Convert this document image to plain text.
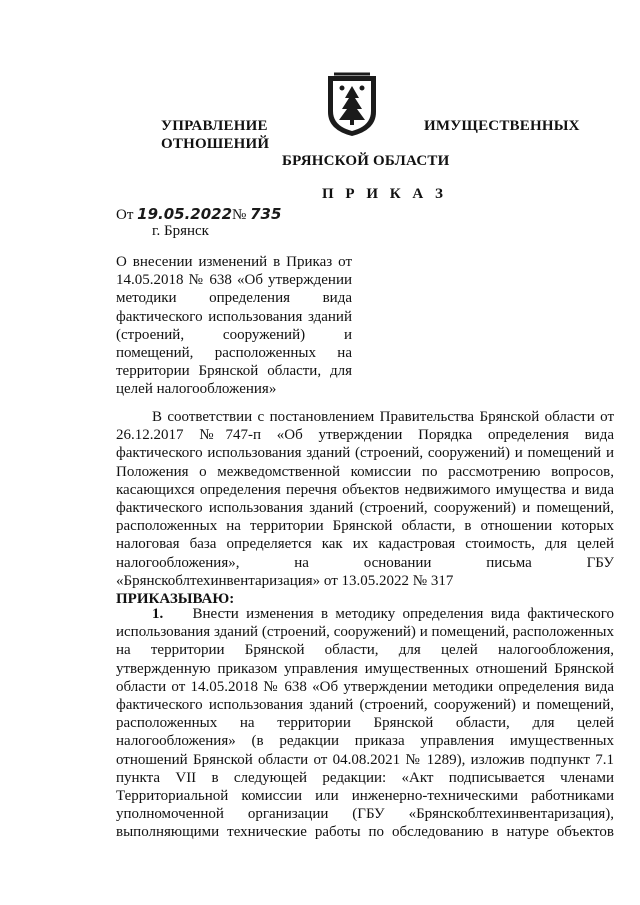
УПРАВЛЕНИЕ	ИМУЩЕСТВЕННЫХ
ОТНОШЕНИЙ
БРЯНСКОЙ ОБЛАСТИ
П Р И К А З
От 19.05.2022№ 735
г. Брянск
О внесении изменений в Приказ от
14.05.2018 № 638 «Об утверждении
методики определения вида
фактического использования зданий
(строений, сооружений) и
помещений, расположенных на
территории Брянской области, для
целей налогообложения»
В соответствии с постановлением Правительства Брянской области от
26.12.2017 №747-п «Об утверждении Порядка определения вида
фактического использования зданий (строений, сооружений) и помещений и
Положения о межведомственной комиссии по рассмотрению вопросов,
касающихся определения перечня объектов недвижимого имущества и вида
фактического использования зданий (строений, сооружений) и помещений,
расположенных на территории Брянской области, в отношении которых
налоговая база определяется как их кадастровая стоимость, для целей
налогообложения», на основании письма ГБУ
«Брянскоблтехинвентаризация» от 13.05.2022 № 317
ПРИКАЗЫВАЮ:
1. Внести изменения в методику определения вида фактического
использования зданий (строений, сооружений) и помещений, расположенных
на территории Брянской области, для целей налогообложения,
утвержденную приказом управления имущественных отношений Брянской
области от 14.05.2018 № 638 «Об утверждении методики определения вида
фактического использования зданий (строений, сооружений) и помещений,
расположенных на территории Брянской области, для целей
налогообложения» (в редакции приказа управления имущественных
отношений Брянской области от 04.08.2021 № 1289), изложив подпункт 7.1
пункта VII в следующей редакции: «Акт подписывается членами
Территориальной комиссии или инженерно-техническими работниками
уполномоченной организации (ГБУ «Брянскоблтехинвентаризация),
выполняющими технические работы по обследованию в натуре объектов
